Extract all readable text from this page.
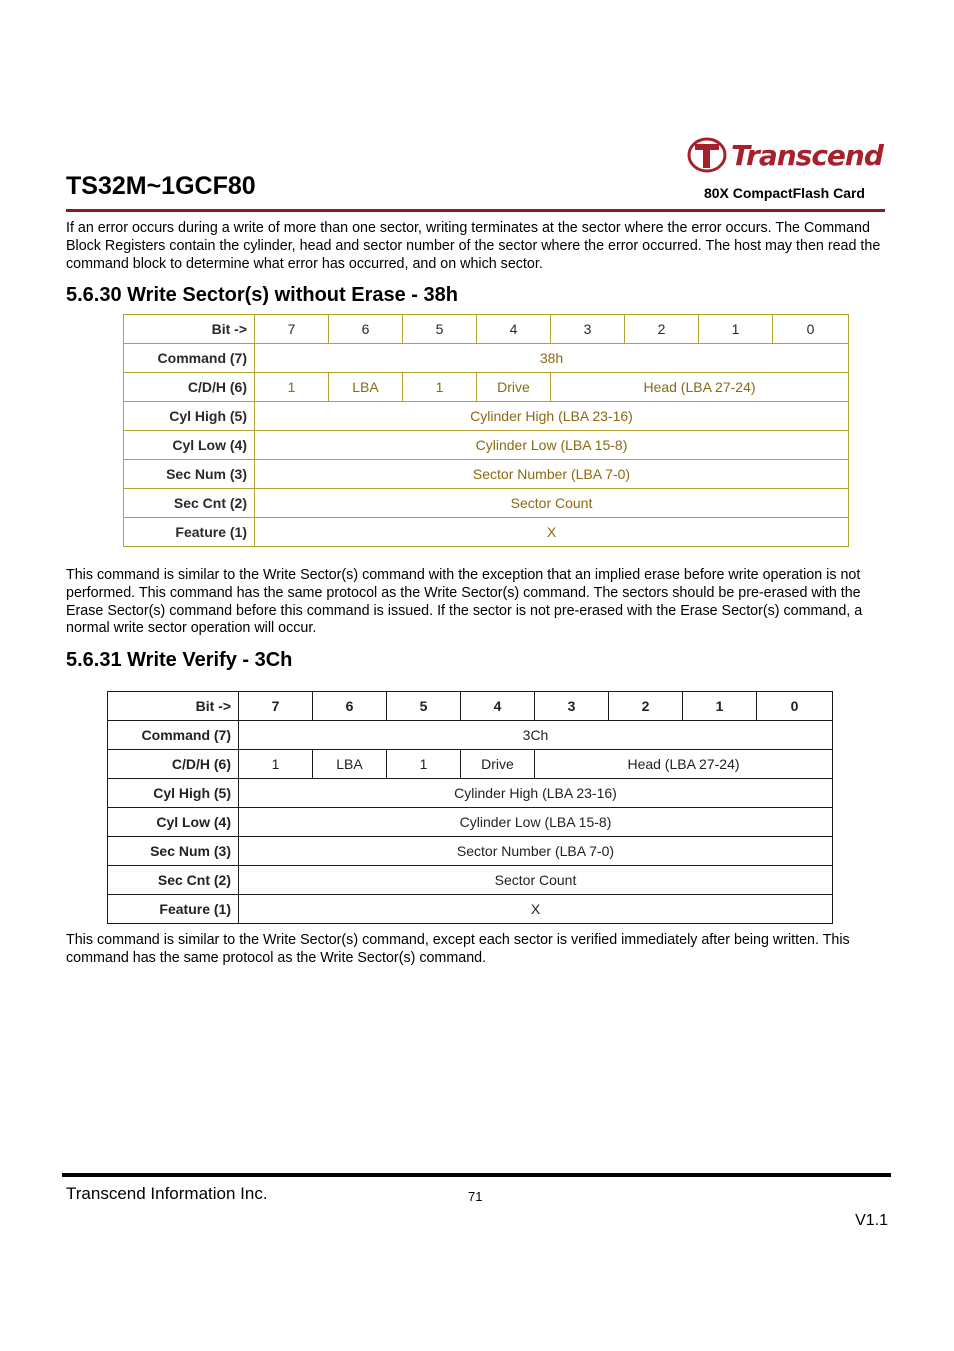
Transcend
TS32M~1GCF80	80X CompactFlash Card
If an error occurs during a write of more than one sector, writing terminates at the sector where the error occurs. The Command Block Registers contain the cylinder, head and sector number of the sector where the error occurred. The host may then read the command block to determine what error has occurred, and on which sector.
5.6.30 Write Sector(s) without Erase - 38h
Bit ->	7	6	5	4	3	2	1	0
Command (7)	38h							
C/D/H (6)	1	LBA	1	Drive	Head (LBA 27-24)			
Cyl High (5)	Cylinder High (LBA 23-16)							
Cyl Low (4)	Cylinder Low (LBA 15-8)							
Sec Num (3)	Sector Number (LBA 7-0)							
Sec Cnt (2)	Sector Count							
Feature (1)	X							
This command is similar to the Write Sector(s) command with the exception that an implied erase before write operation is not performed. This command has the same protocol as the Write Sector(s) command. The sectors should be pre-erased with the Erase Sector(s) command before this command is issued. If the sector is not pre-erased with the Erase Sector(s) command, a normal write sector operation will occur.
5.6.31 Write Verify - 3Ch
Bit ->	7	6	5	4	3	2	1	0
Command (7)	3Ch							
C/D/H (6)	1	LBA	1	Drive	Head (LBA 27-24)			
Cyl High (5)	Cylinder High (LBA 23-16)							
Cyl Low (4)	Cylinder Low (LBA 15-8)							
Sec Num (3)	Sector Number (LBA 7-0)							
Sec Cnt (2)	Sector Count							
Feature (1)	X							
This command is similar to the Write Sector(s) command, except each sector is verified immediately after being written. This command has the same protocol as the Write Sector(s) command.
Transcend Information Inc.	71
V1.1
